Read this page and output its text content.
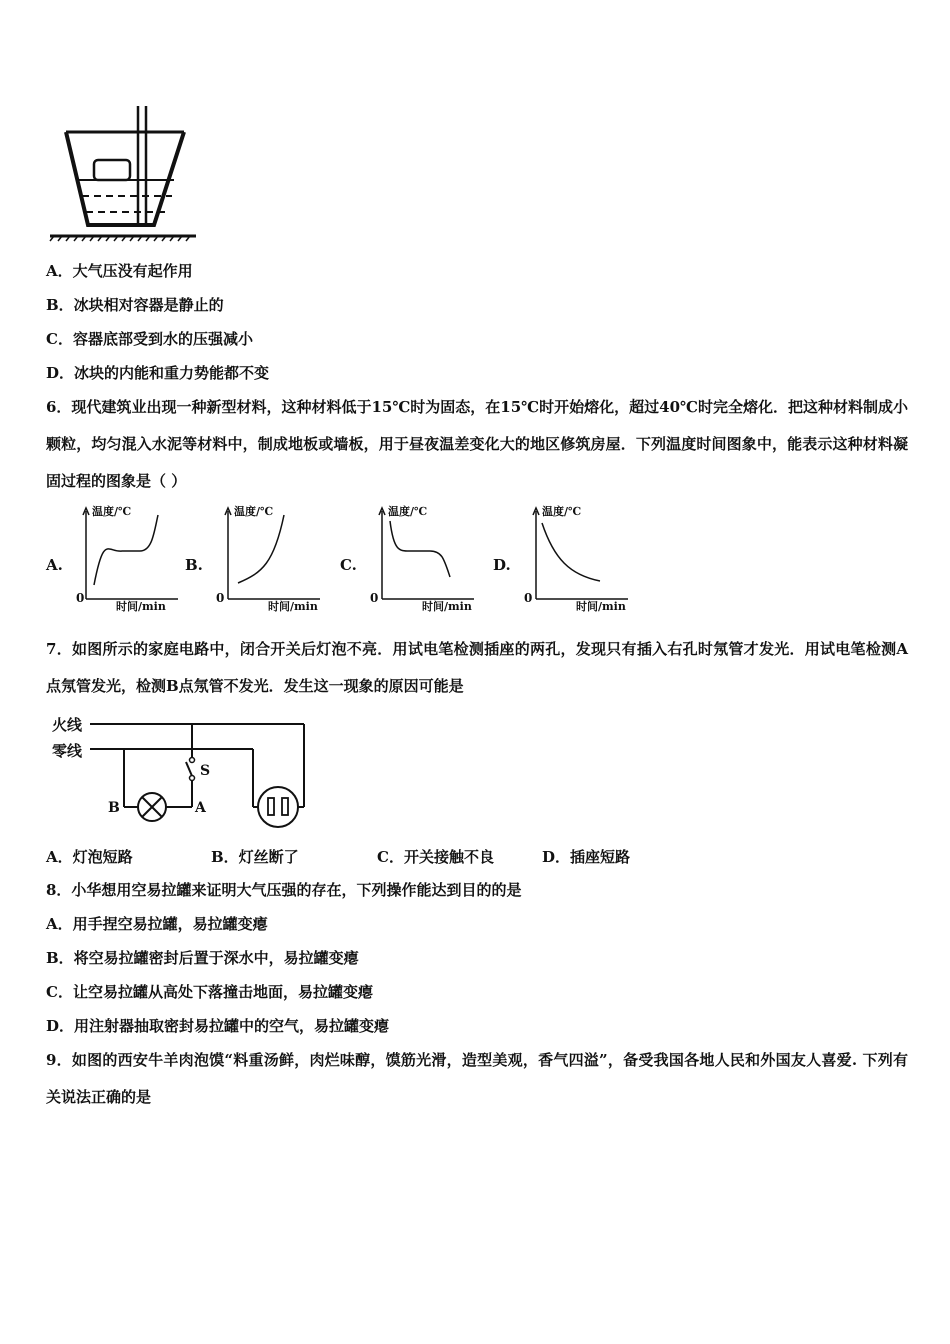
A．大气压没有起作用
B．冰块相对容器是静止的
C．容器底部受到水的压强减小
D．冰块的内能和重力势能都不变
6．现代建筑业出现一种新型材料，这种材料低于15℃时为固态，在15℃时开始熔化，超过40℃时完全熔化．把这种材料制成小颗粒，均匀混入水泥等材料中，制成地板或墙板，用于昼夜温差变化大的地区修筑房屋．下列温度时间图象中，能表示这种材料凝固过程的图象是（ ）
A.
温度/℃
时间/min
0
B.
温度/℃
时间/min
0
C.
温度/℃
时间/min
0
D.
温度/℃
时间/min
0
7．如图所示的家庭电路中，闭合开关后灯泡不亮．用试电笔检测插座的两孔，发现只有插入右孔时氖管才发光．用试电笔检测A点氖管发光，检测B点氖管不发光．发生这一现象的原因可能是
火线
零线
S
B	A
A．灯泡短路	B．灯丝断了	C．开关接触不良	D．插座短路
8．小华想用空易拉罐来证明大气压强的存在，下列操作能达到目的的是
A．用手捏空易拉罐，易拉罐变瘪
B．将空易拉罐密封后置于深水中，易拉罐变瘪
C．让空易拉罐从高处下落撞击地面，易拉罐变瘪
D．用注射器抽取密封易拉罐中的空气，易拉罐变瘪
9．如图的西安牛羊肉泡馍“料重汤鲜，肉烂味醇，馍筋光滑，造型美观，香气四溢”，备受我国各地人民和外国友人喜爱. 下列有关说法正确的是
